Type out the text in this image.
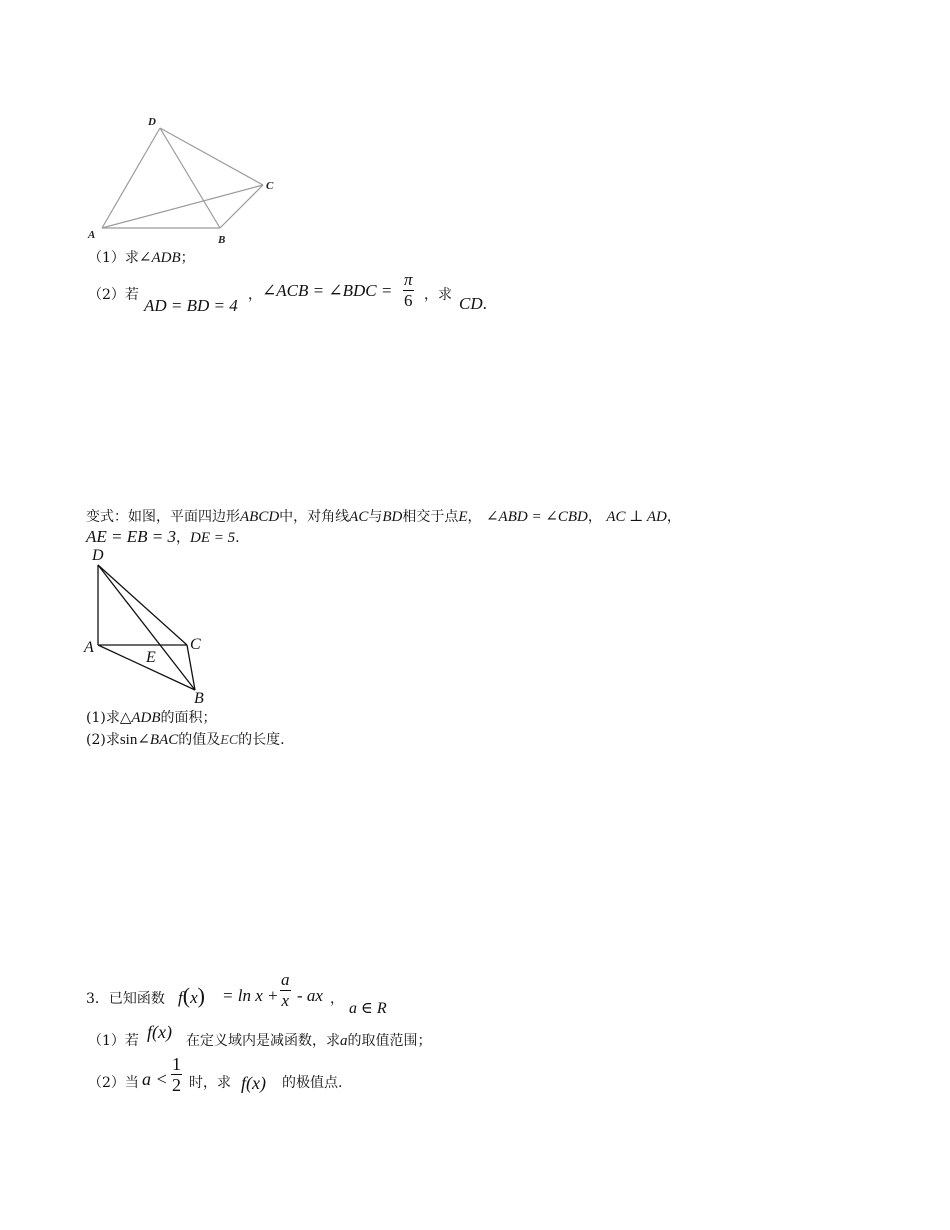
A	B
C
D
（1）求∠ADB；
（2）若
AD = BD = 4
， ∠ACB = ∠BDC = $\frac{\pi}{6}$ ，求 CD.
变式：如图，平面四边形ABCD中，对角线AC与BD相交于点E， ∠ABD = ∠CBD， AC ⊥ AD，
AE = EB = 3，DE = 5.
D
A	C
E
B
(1)求△ADB的面积；
(2)求sin∠BAC的值及EC的长度.
3．已知函数 $f(x) = \ln x + \frac{a}{x}$ - ax ，
a ∈ R
（1）若 f(x) 在定义域内是减函数，求a的取值范围；
（2）当 $a < \frac{1}{2}$ 时，求 f(x) 的极值点.
